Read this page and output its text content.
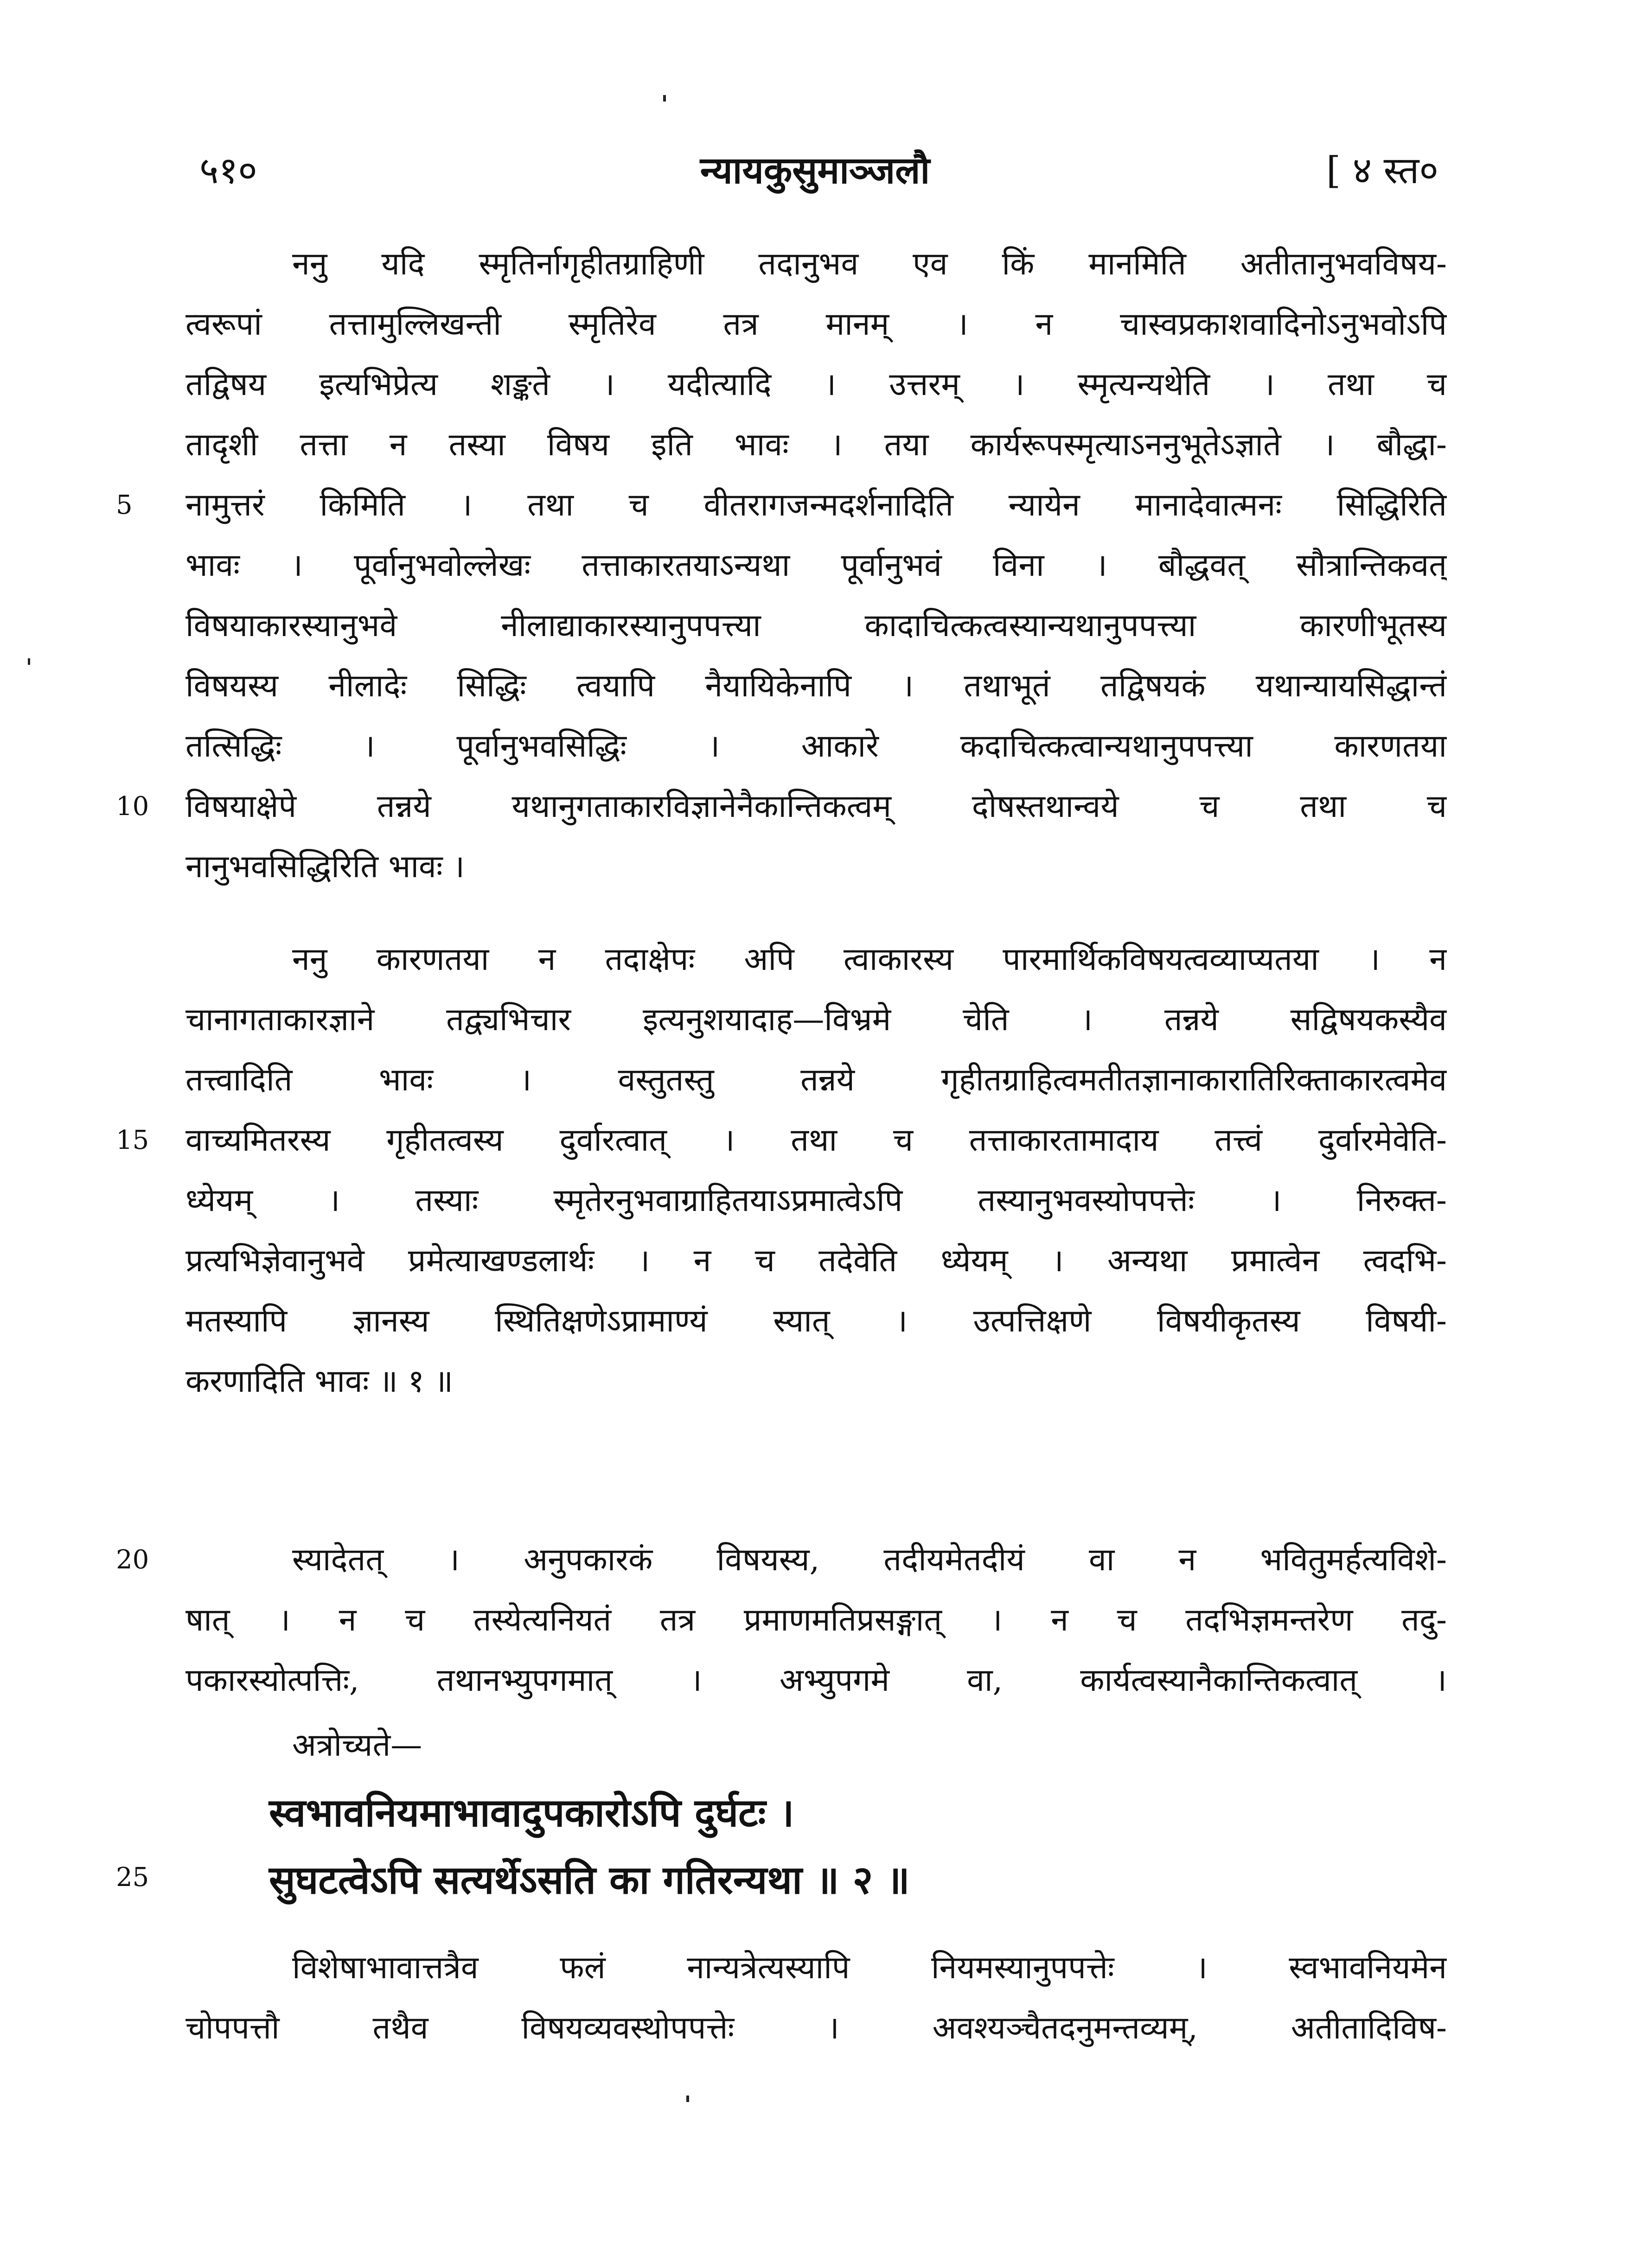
५१०	न्यायकुसुमाञ्जलौ	[ ४ स्त०
ननु यदि स्मृतिर्नागृहीतग्राहिणी तदानुभव एव किं मानमिति अतीतानुभवविषय-
त्वरूपां तत्तामुल्लिखन्ती स्मृतिरेव तत्र मानम् । न चास्वप्रकाशवादिनोऽनुभवोऽपि
तद्विषय इत्यभिप्रेत्य शङ्कते । यदीत्यादि । उत्तरम् । स्मृत्यन्यथेति । तथा च
तादृशी तत्ता न तस्या विषय इति भावः । तया कार्यरूपस्मृत्याऽननुभूतेऽज्ञाते । बौद्धा-
5	नामुत्तरं किमिति । तथा च वीतरागजन्मदर्शनादिति न्यायेन मानादेवात्मनः सिद्धिरिति
भावः । पूर्वानुभवोल्लेखः तत्ताकारतयाऽन्यथा पूर्वानुभवं विना । बौद्धवत् सौत्रान्तिकवत्
विषयाकारस्यानुभवे नीलाद्याकारस्यानुपपत्त्या कादाचित्कत्वस्यान्यथानुपपत्त्या कारणीभूतस्य
विषयस्य नीलादेः सिद्धिः त्वयापि नैयायिकेनापि । तथाभूतं तद्विषयकं यथान्यायसिद्धान्तं
तत्सिद्धिः । पूर्वानुभवसिद्धिः । आकारे कदाचित्कत्वान्यथानुपपत्त्या कारणतया
10	विषयाक्षेपे तन्नये यथानुगताकारविज्ञानेनैकान्तिकत्वम् दोषस्तथान्वये च तथा च
नानुभवसिद्धिरिति भावः ।
ननु कारणतया न तदाक्षेपः अपि त्वाकारस्य पारमार्थिकविषयत्वव्याप्यतया । न
चानागताकारज्ञाने तद्व्यभिचार इत्यनुशयादाह—विभ्रमे चेति । तन्नये सद्विषयकस्यैव
तत्त्वादिति भावः । वस्तुतस्तु तन्नये गृहीतग्राहित्वमतीतज्ञानाकारातिरिक्ताकारत्वमेव
15	वाच्यमितरस्य गृहीतत्वस्य दुर्वारत्वात् । तथा च तत्ताकारतामादाय तत्त्वं दुर्वारमेवेति-
ध्येयम् । तस्याः स्मृतेरनुभवाग्राहितयाऽप्रमात्वेऽपि तस्यानुभवस्योपपत्तेः । निरुक्त-
प्रत्यभिज्ञेवानुभवे प्रमेत्याखण्डलार्थः । न च तदेवेति ध्येयम् । अन्यथा प्रमात्वेन त्वदभि-
मतस्यापि ज्ञानस्य स्थितिक्षणेऽप्रामाण्यं स्यात् । उत्पत्तिक्षणे विषयीकृतस्य विषयी-
करणादिति भावः ॥ १ ॥
20	स्यादेतत् । अनुपकारकं विषयस्य, तदीयमेतदीयं वा न भवितुमर्हत्यविशे-
षात् । न च तस्येत्यनियतं तत्र प्रमाणमतिप्रसङ्गात् । न च तदभिज्ञमन्तरेण तदु-
पकारस्योत्पत्तिः, तथानभ्युपगमात् । अभ्युपगमे वा, कार्यत्वस्यानैकान्तिकत्वात् ।
अत्रोच्यते—
स्वभावनियमाभावादुपकारोऽपि दुर्घटः ।
25	सुघटत्वेऽपि सत्यर्थेऽसति का गतिरन्यथा ॥ २ ॥
विशेषाभावात्तत्रैव फलं नान्यत्रेत्यस्यापि नियमस्यानुपपत्तेः । स्वभावनियमेन
चोपपत्तौ तथैव विषयव्यवस्थोपपत्तेः । अवश्यञ्चैतदनुमन्तव्यम्, अतीतादिविष-
